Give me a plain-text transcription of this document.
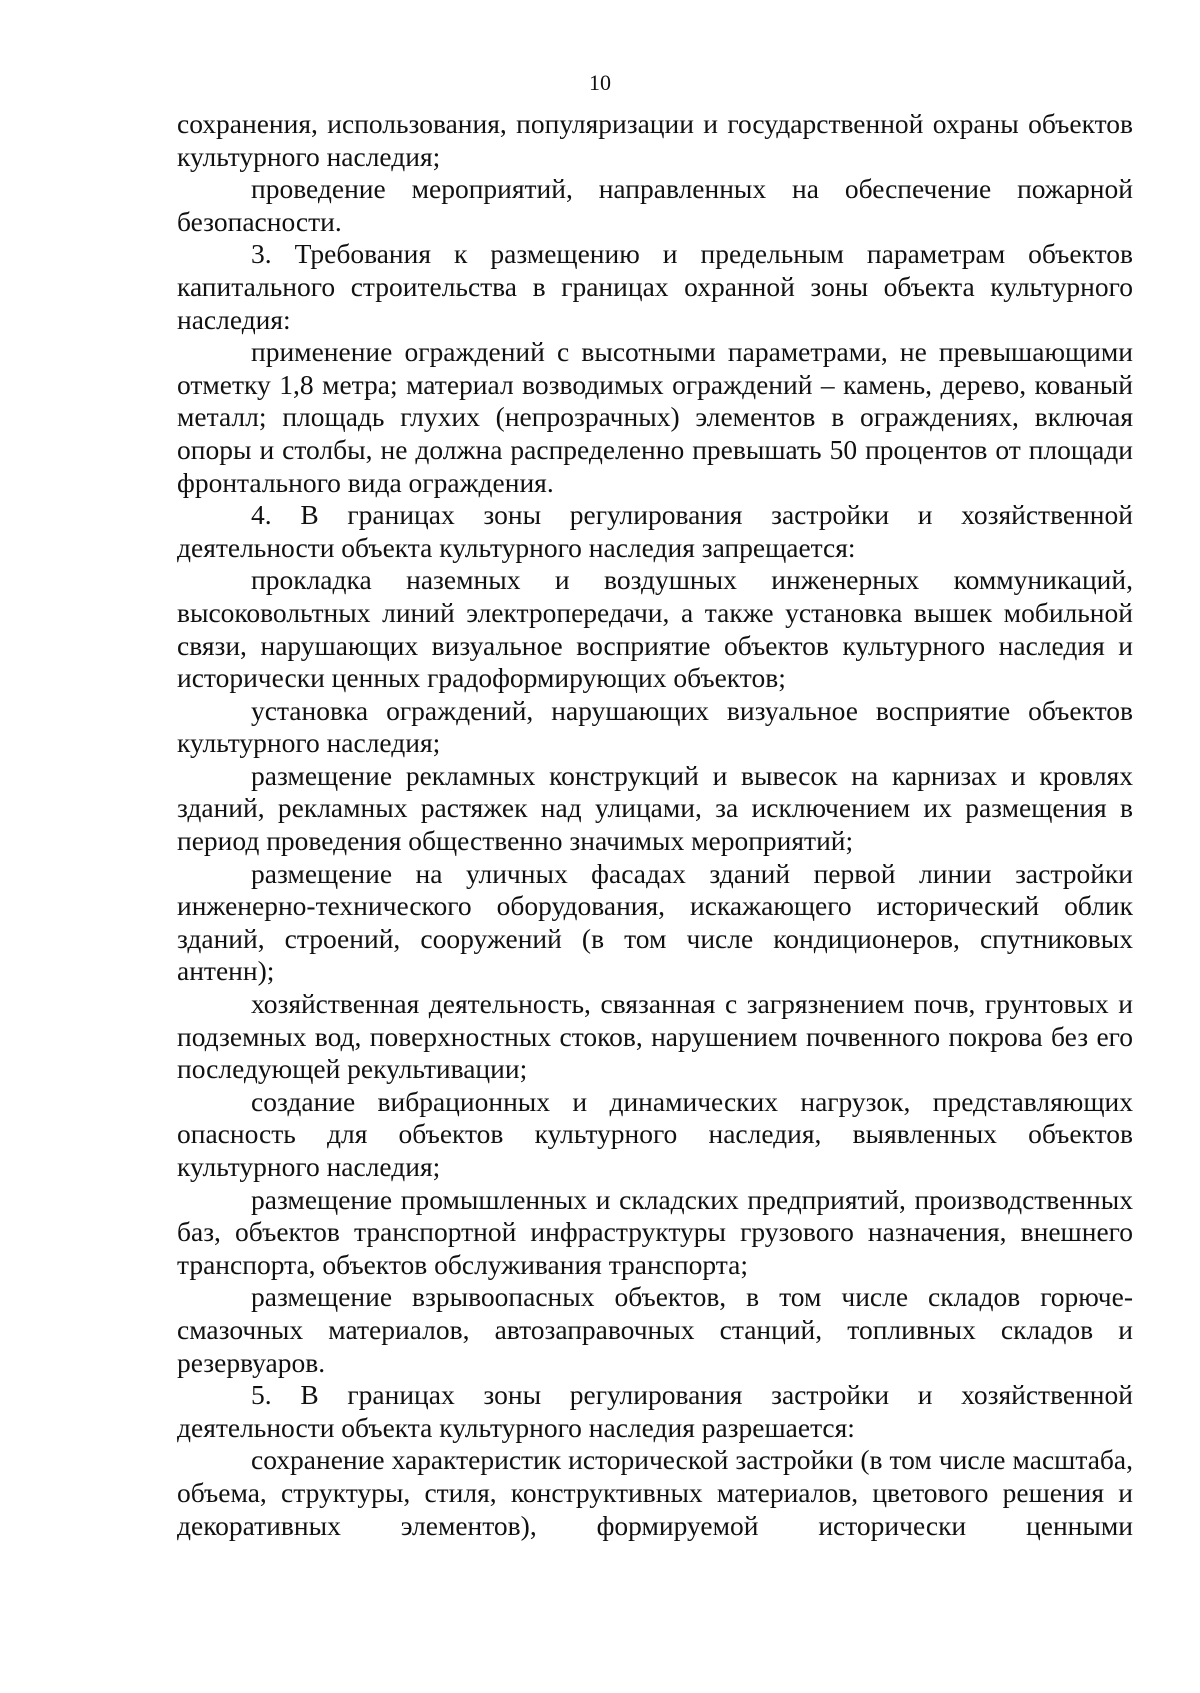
10

сохранения, использования, популяризации и государственной охраны объектов культурного наследия;

проведение мероприятий, направленных на обеспечение пожарной безопасности.

3. Требования к размещению и предельным параметрам объектов капитального строительства в границах охранной зоны объекта культурного наследия:

применение ограждений с высотными параметрами, не превышающими отметку 1,8 метра; материал возводимых ограждений – камень, дерево, кованый металл; площадь глухих (непрозрачных) элементов в ограждениях, включая опоры и столбы, не должна распределенно превышать 50 процентов от площади фронтального вида ограждения.

4. В границах зоны регулирования застройки и хозяйственной деятельности объекта культурного наследия запрещается:

прокладка наземных и воздушных инженерных коммуникаций, высоковольтных линий электропередачи, а также установка вышек мобильной связи, нарушающих визуальное восприятие объектов культурного наследия и исторически ценных градоформирующих объектов;

установка ограждений, нарушающих визуальное восприятие объектов культурного наследия;

размещение рекламных конструкций и вывесок на карнизах и кровлях зданий, рекламных растяжек над улицами, за исключением их размещения в период проведения общественно значимых мероприятий;

размещение на уличных фасадах зданий первой линии застройки инженерно-технического оборудования, искажающего исторический облик зданий, строений, сооружений (в том числе кондиционеров, спутниковых антенн);

хозяйственная деятельность, связанная с загрязнением почв, грунтовых и подземных вод, поверхностных стоков, нарушением почвенного покрова без его последующей рекультивации;

создание вибрационных и динамических нагрузок, представляющих опасность для объектов культурного наследия, выявленных объектов культурного наследия;

размещение промышленных и складских предприятий, производственных баз, объектов транспортной инфраструктуры грузового назначения, внешнего транспорта, объектов обслуживания транспорта;

размещение взрывоопасных объектов, в том числе складов горюче-смазочных материалов, автозаправочных станций, топливных складов и резервуаров.

5. В границах зоны регулирования застройки и хозяйственной деятельности объекта культурного наследия разрешается:

сохранение характеристик исторической застройки (в том числе масштаба, объема, структуры, стиля, конструктивных материалов, цветового решения и декоративных элементов), формируемой исторически ценными
